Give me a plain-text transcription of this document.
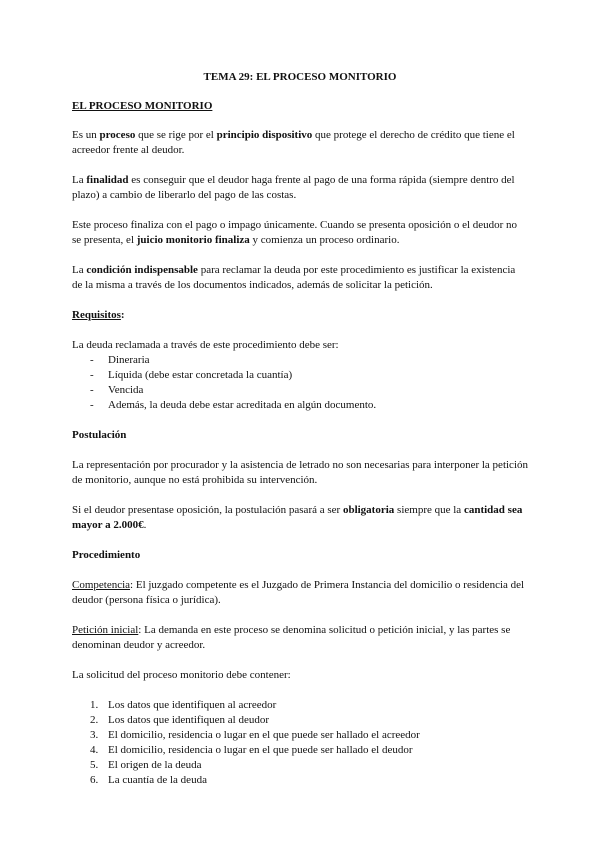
TEMA 29: EL PROCESO MONITORIO
EL PROCESO MONITORIO

Es un proceso que se rige por el principio dispositivo que protege el derecho de crédito que tiene el acreedor frente al deudor.

La finalidad es conseguir que el deudor haga frente al pago de una forma rápida (siempre dentro del plazo) a cambio de liberarlo del pago de las costas.

Este proceso finaliza con el pago o impago únicamente. Cuando se presenta oposición o el deudor no se presenta, el juicio monitorio finaliza y comienza un proceso ordinario.

La condición indispensable para reclamar la deuda por este procedimiento es justificar la existencia de la misma a través de los documentos indicados, además de solicitar la petición.

Requisitos:
La deuda reclamada a través de este procedimiento debe ser:
- Dineraria
- Líquida (debe estar concretada la cuantía)
- Vencida
- Además, la deuda debe estar acreditada en algún documento.
Postulación

La representación por procurador y la asistencia de letrado no son necesarias para interponer la petición de monitorio, aunque no está prohibida su intervención.

Si el deudor presentase oposición, la postulación pasará a ser obligatoria siempre que la cantidad sea mayor a 2.000€.

Procedimiento

Competencia: El juzgado competente es el Juzgado de Primera Instancia del domicilio o residencia del deudor (persona física o jurídica).

Petición inicial: La demanda en este proceso se denomina solicitud o petición inicial, y las partes se denominan deudor y acreedor.

La solicitud del proceso monitorio debe contener:

1. Los datos que identifiquen al acreedor
2. Los datos que identifiquen al deudor
3. El domicilio, residencia o lugar en el que puede ser hallado el acreedor
4. El domicilio, residencia o lugar en el que puede ser hallado el deudor
5. El origen de la deuda
6. La cuantía de la deuda
